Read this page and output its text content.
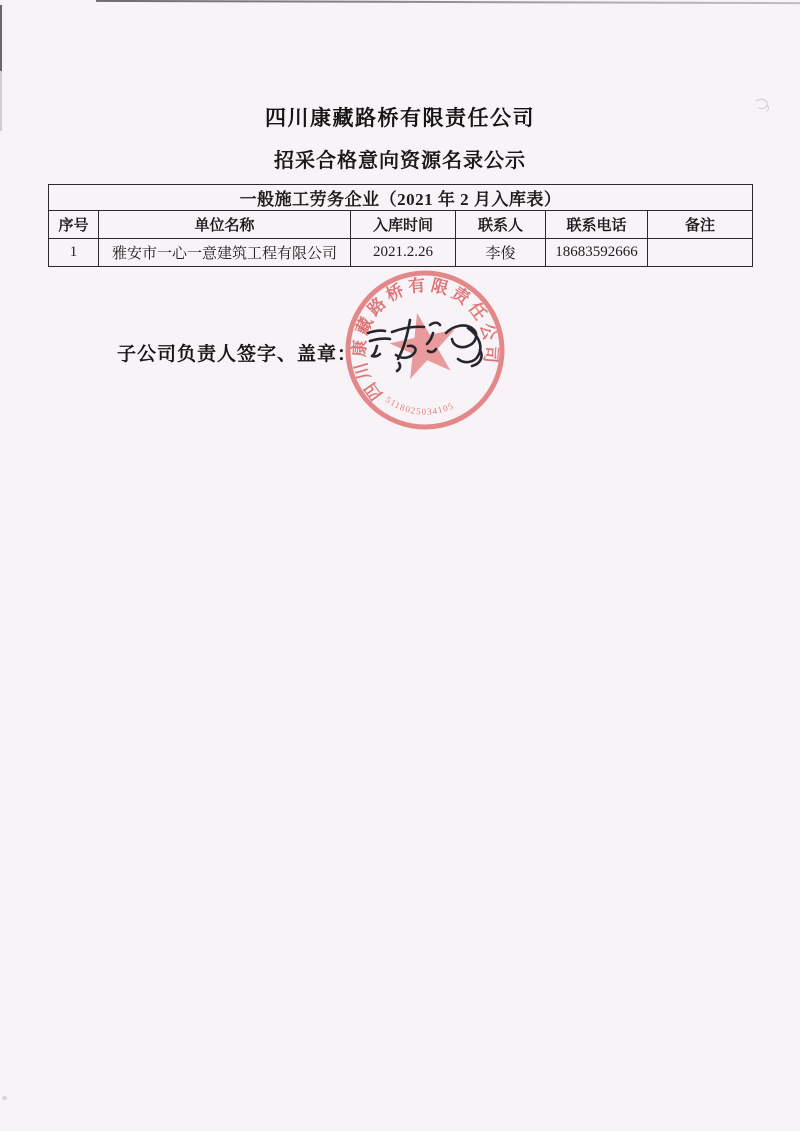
四川康藏路桥有限责任公司
招采合格意向资源名录公示
一般施工劳务企业（2021 年 2 月入库表）					
序号	单位名称	入库时间	联系人	联系电话	备注
1	雅安市一心一意建筑工程有限公司	2021.2.26	李俊	18683592666	
子公司负责人签字、盖章：
四川康藏路桥有限责任公司
5118025034105
